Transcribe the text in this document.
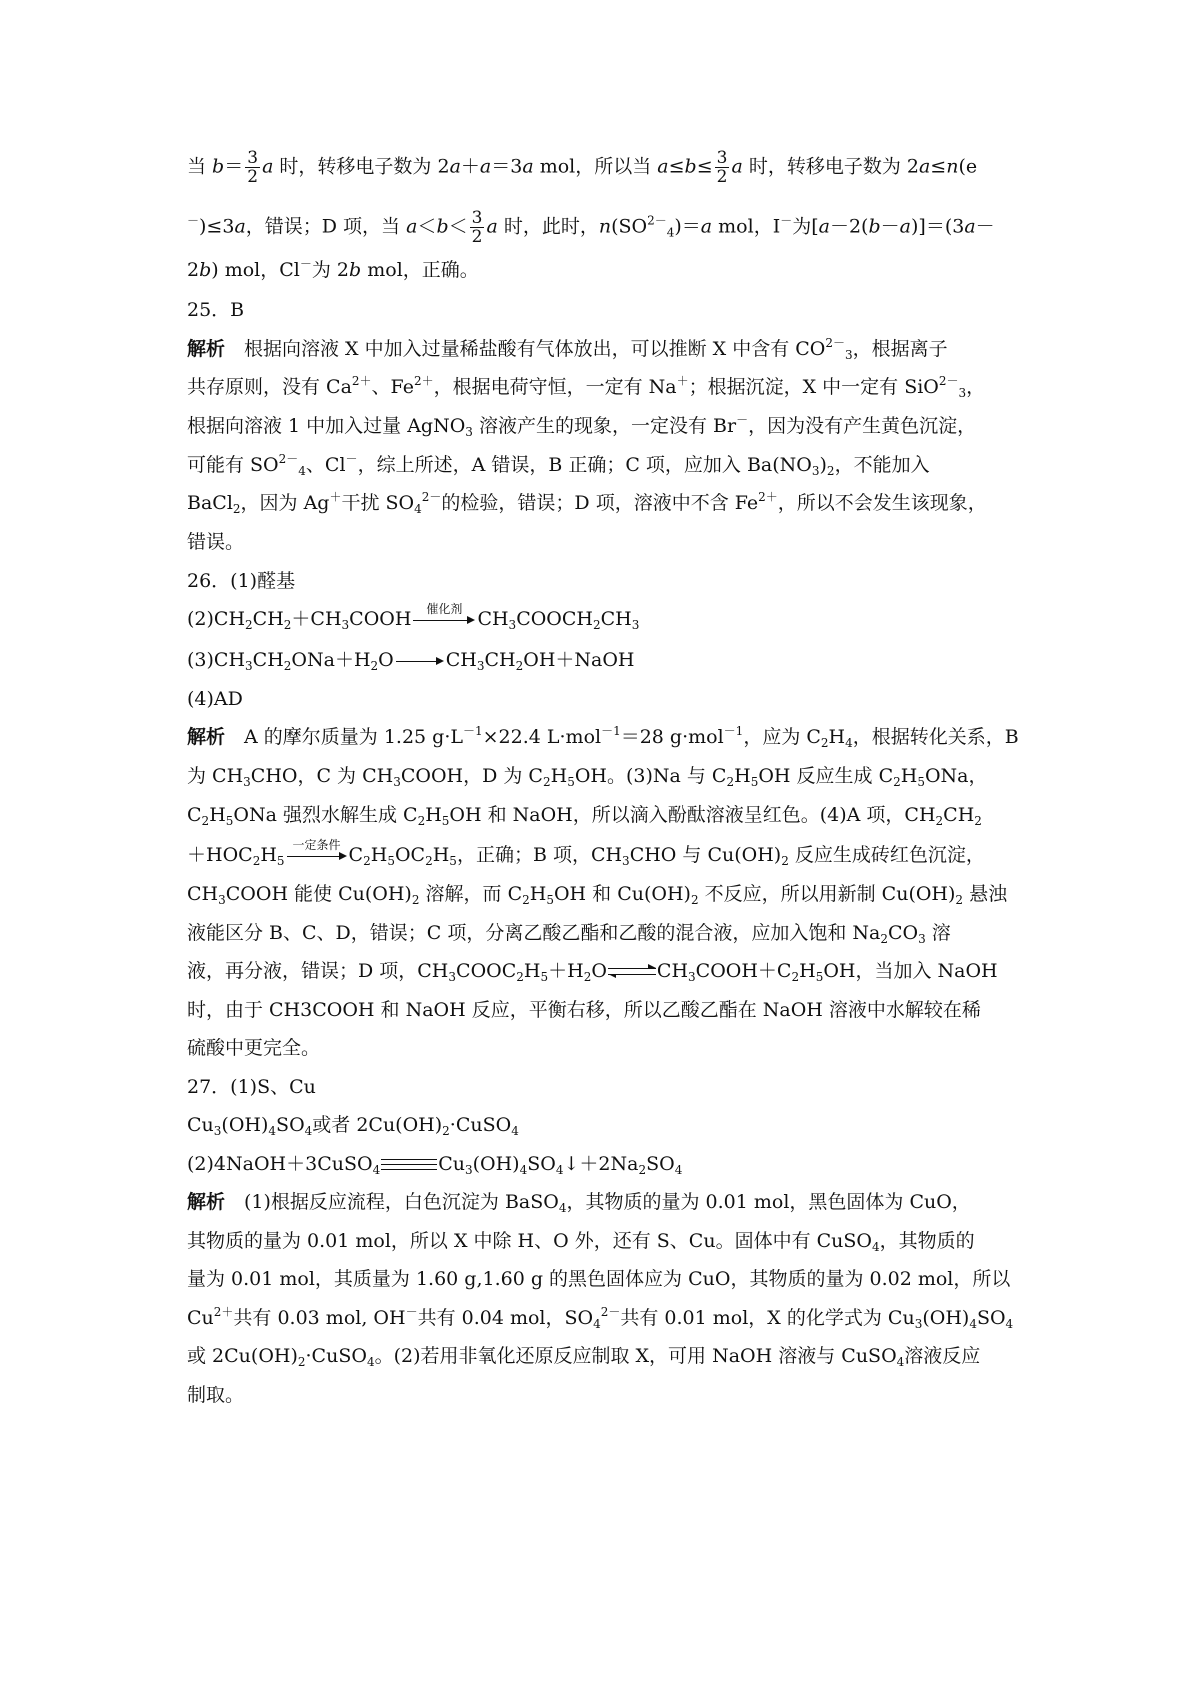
当 $b= \frac{3}{2}$ a 时，转移电子数为 2a＋a＝3a mol，所以当 $a\le b\le \frac{3}{2}$ a 时，转移电子数为 2a≤n(e
－)≤3a，错误；D 项，当 $a<b< \frac{3}{2}$ a 时，此时，$n(SO^{2-}_4)=a$ mol，I－为[a－2(b－a)]＝(3a－
2b) mol，Cl－为 2b mol，正确。
25．B
解析　根据向溶液 X 中加入过量稀盐酸有气体放出，可以推断 X 中含有 $CO^{2-}_3$，根据离子
共存原则，没有 $Ca^{2+}$、$Fe^{2+}$，根据电荷守恒，一定有 Na＋；根据沉淀，X 中一定有 SiO$^{2-}_3$，
根据向溶液 1 中加入过量 AgNO$_3$ 溶液产生的现象，一定没有 Br－，因为没有产生黄色沉淀，
可能有 $SO^{2-}_4$、Cl－，综上所述，A 错误，B 正确；C 项，应加入 $Ba(NO_3)_2$，不能加入
BaCl$_2$，因为 Ag＋干扰 $SO_4^{2-}$的检验，错误；D 项，溶液中不含 $Fe^{2+}$，所以不会发生该现象，
错误。
26．(1)醛基
$(2)CH_2CH_2+CH_3COOH$	催化剂 $CH_3COOCH_2CH_3$
$(3)CH_3CH_2ONa+H_2O$	$CH_3CH_2OH+NaOH$
(4)AD
解析　A 的摩尔质量为 1.25 $g\cdot L^{-1}\times 22.4$ L·mol$^{-1}$＝28 g·mol$^{-1}$，应为 $C_2H_4$，根据转化关系，B
为 $CH_3CHO$，C 为 $CH_3COOH$，D 为 $C_2H_5OH$。(3)Na 与 $C_2H_5OH$ 反应生成 $C_2H_5ONa$，
$C_2H_5ONa$ 强烈水解生成 $C_2H_5OH$ 和 NaOH，所以滴入酚酞溶液呈红色。(4)A 项，$CH_2CH_2$
$+HOC_2H_5$
一定条件 $C_2H_5OC_2H_5$，正确；B 项，$CH_3CHO$ 与 $Cu(OH)_2$ 反应生成砖红色沉淀，
$CH_3COOH$ 能使 $Cu(OH)_2$ 溶解，而 $C_2H_5OH$ 和 $Cu(OH)_2$ 不反应，所以用新制 $Cu(OH)_2$ 悬浊
液能区分 B、C、D，错误；C 项，分离乙酸乙酯和乙酸的混合液，应加入饱和 $Na_2CO_3$ 溶
液，再分液，错误；D 项，$CH_3COOC_2H_5+H_2O$	$CH_3COOH+C_2H_5OH$，当加入 NaOH
时，由于 CH3COOH 和 NaOH 反应，平衡右移，所以乙酸乙酯在 NaOH 溶液中水解较在稀
硫酸中更完全。
27．(1)S、Cu
$Cu_3(OH)_4SO_4$或者 $2Cu(OH)_2\cdot CuSO_4$
(2)4NaOH＋3CuSO$_4$	$Cu_3(OH)_4SO_4↓+2Na_2SO_4$
解析　(1)根据反应流程，白色沉淀为 BaSO$_4$，其物质的量为 0.01 mol，黑色固体为 CuO，
其物质的量为 0.01 mol，所以 X 中除 H、O 外，还有 S、Cu。固体中有 CuSO$_4$，其物质的
量为 0.01 mol，其质量为 1.60 g,1.60 g 的黑色固体应为 CuO，其物质的量为 0.02 mol，所以
$Cu^{2+}$共有 0.03 mol, OH－共有 0.04 mol，$SO_4^{2-}$共有 0.01 mol，X 的化学式为 $Cu_3(OH)_4SO_4$
或 $2Cu(OH)_2\cdot CuSO_4$。(2)若用非氧化还原反应制取 X，可用 NaOH 溶液与 CuSO$_4$溶液反应
制取。
